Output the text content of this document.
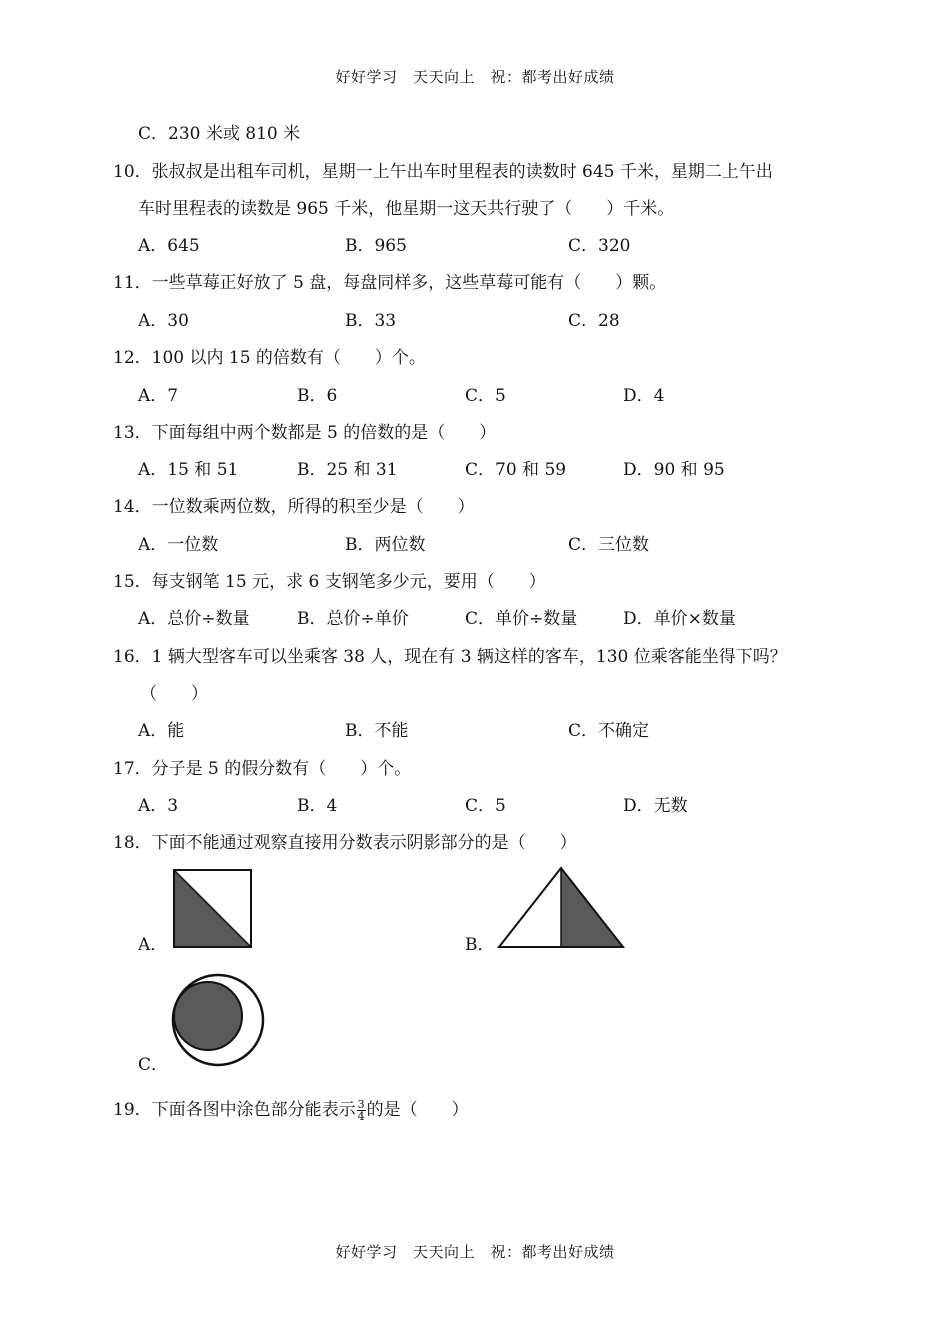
好好学习　天天向上　祝：都考出好成绩
C．230 米或 810 米
10．张叔叔是出租车司机，星期一上午出车时里程表的读数时 645 千米，星期二上午出
车时里程表的读数是 965 千米，他星期一这天共行驶了（　　）千米。
A．645	B．965	C．320
11．一些草莓正好放了 5 盘，每盘同样多，这些草莓可能有（　　）颗。
A．30	B．33	C．28
12．100 以内 15 的倍数有（　　）个。
A．7	B．6	C．5	D．4
13．下面每组中两个数都是 5 的倍数的是（　　）
A．15 和 51	B．25 和 31	C．70 和 59	D．90 和 95
14．一位数乘两位数，所得的积至少是（　　）
A．一位数	B．两位数	C．三位数
15．每支钢笔 15 元，求 6 支钢笔多少元，要用（　　）
A．总价÷数量	B．总价÷单价	C．单价÷数量	D．单价×数量
16．1 辆大型客车可以坐乘客 38 人，现在有 3 辆这样的客车，130 位乘客能坐得下吗？
（　　）
A．能	B．不能	C．不确定
17．分子是 5 的假分数有（　　）个。
A．3	B．4	C．5	D．无数
18．下面不能通过观察直接用分数表示阴影部分的是（　　）
A．	B．
C．
19．下面各图中涂色部分能表示 $\frac{3}{4}$ 的是（　　）
好好学习　天天向上　祝：都考出好成绩
